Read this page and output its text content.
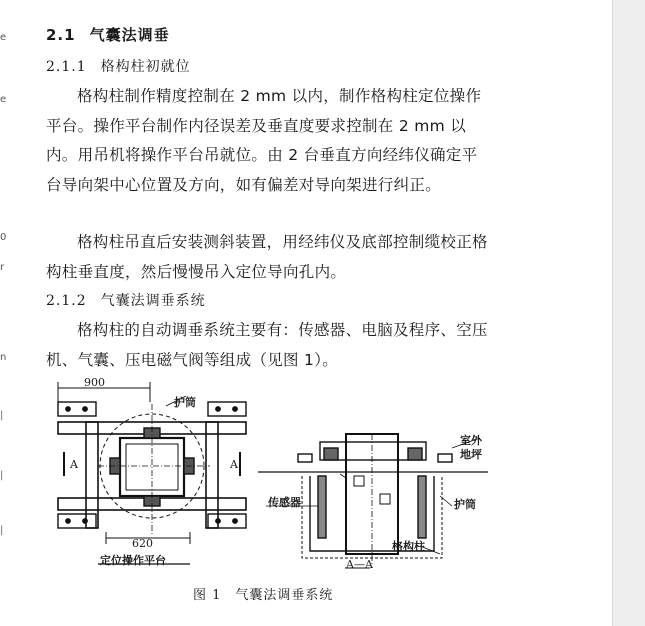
e
e
0
r
n
|
|
|
2.1 气囊法调垂
2.1.1 格构柱初就位

格构柱制作精度控制在 2 mm 以内，制作格构柱定位操作平台。操作平台制作内径误差及垂直度要求控制在 2 mm 以内。用吊机将操作平台吊就位。由 2 台垂直方向经纬仪确定平台导向架中心位置及方向，如有偏差对导向架进行纠正。

格构柱吊直后安装测斜装置，用经纬仪及底部控制缆校正格构柱垂直度，然后慢慢吊入定位导向孔内。

2.1.2 气囊法调垂系统

格构柱的自动调垂系统主要有：传感器、电脑及程序、空压机、气囊、压电磁气阀等组成（见图 1）。

900
护筒
A	A
620
定位操作平台
室外
地坪
传感器	护筒
格构柱
A—A
图 1　气囊法调垂系统
